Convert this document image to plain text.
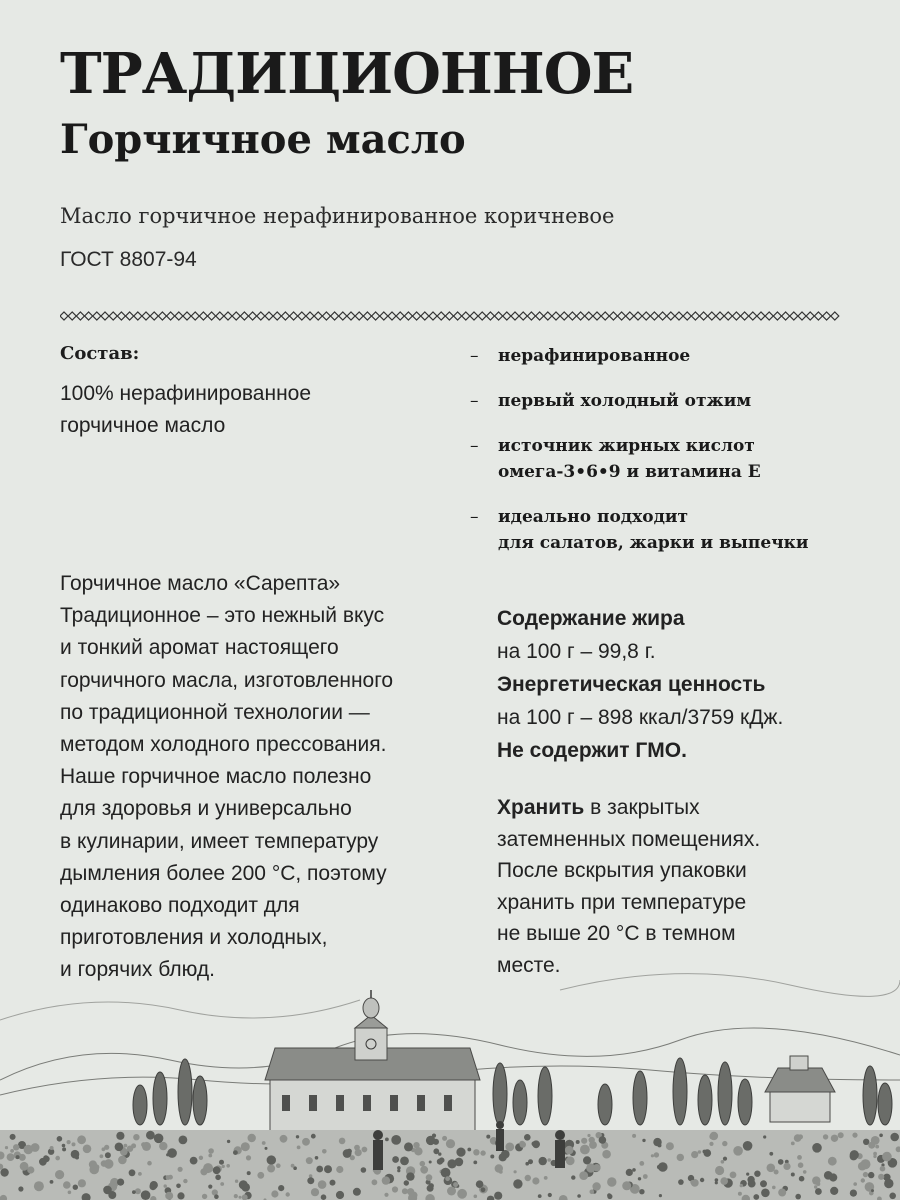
ТРАДИЦИОННОЕ
Горчичное масло
Масло горчичное нерафинированное коричневое
ГОСТ 8807-94
Состав:
100% нерафинированное горчичное масло
–	нерафинированное
–	первый холодный отжим
–	источник жирных кислот
омега-3•6•9 и витамина Е
–	идеально подходит
для салатов, жарки и выпечки
Горчичное масло «Сарепта»
Традиционное – это нежный вкус
и тонкий аромат настоящего
горчичного масла, изготовленного
по традиционной технологии —
методом холодного прессования.
Наше горчичное масло полезно
для здоровья и универсально
в кулинарии, имеет температуру
дымления более 200 °С, поэтому
одинаково подходит для
приготовления и холодных,
и горячих блюд.
Содержание жира
на 100 г – 99,8 г.
Энергетическая ценность
на 100 г – 898 ккал/3759 кДж.
Не содержит ГМО.
Хранить в закрытых
затемненных помещениях.
После вскрытия упаковки
хранить при температуре
не выше 20 °С в темном
месте.
